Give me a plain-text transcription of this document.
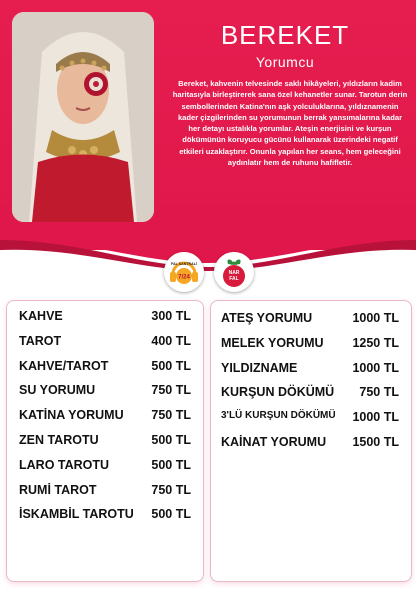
BEREKET
Yorumcu
Bereket, kahvenin telvesinde saklı hikâyeleri, yıldızların kadim haritasıyla birleştirerek sana özel kehanetler sunar. Tarotun derin sembollerinden Katina'nın aşk yolculuklarına, yıldıznamenin kader çizgilerinden su yorumunun berrak yansımalarına kadar her detayı ustalıkla yorumlar. Ateşin enerjisini ve kurşun dökümünün koruyucu gücünü kullanarak üzerindeki negatif etkileri uzaklaştırır. Onunla yapılan her seans, hem geleceğini aydınlatır hem de ruhunu hafifletir.
FAL SANTRALİ
7/24
NAR
FAL
KAHVE	300 TL
TAROT	400 TL
KAHVE/TAROT	500 TL
SU YORUMU	750 TL
KATİNA YORUMU 750 TL
ZEN TAROTU	500 TL
LARO TAROTU	500 TL
RUMİ TAROT	750 TL
İSKAMBİL TAROTU 500 TL
ATEŞ YORUMU	1000 TL
MELEK YORUMU 1250 TL
YILDIZNAME	1000 TL
KURŞUN DÖKÜMÜ 750 TL
3'LÜ KURŞUN DÖKÜMÜ 1000 TL
KAİNAT YORUMU 1500 TL
